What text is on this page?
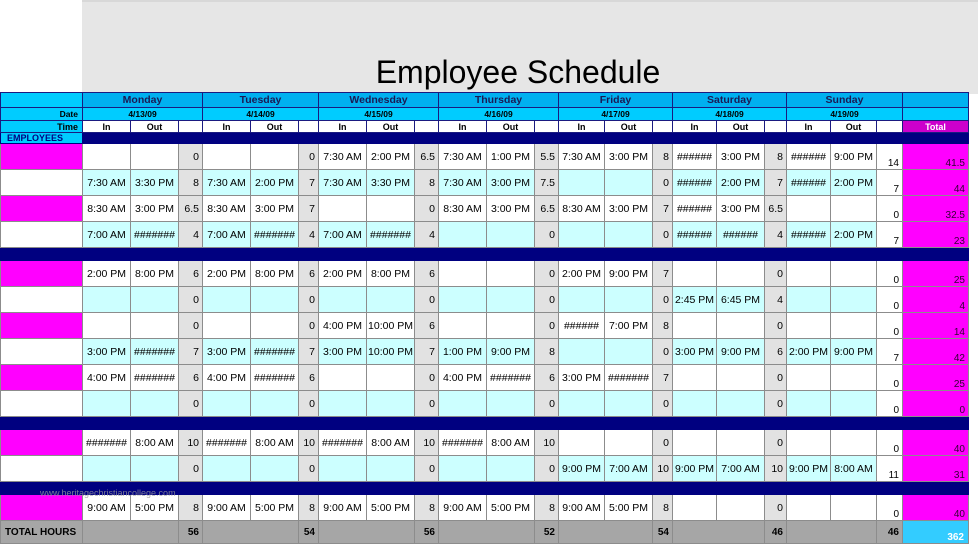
Employee Schedule
	Monday			Tuesday			Wednesday			Thursday			Friday			Saturday			Sunday			
Date	4/13/09			4/14/09			4/15/09			4/16/09			4/17/09			4/18/09			4/19/09			
Time	In	Out		In	Out		In	Out		In	Out		In	Out		In	Out		In	Out		Total
EMPLOYEES																						
			0			0	7:30 AM	2:00 PM	6.5	7:30 AM	1:00 PM	5.5	7:30 AM	3:00 PM	8	######	3:00 PM	8	######	9:00 PM	14	41.5
	7:30 AM	3:30 PM	8	7:30 AM	2:00 PM	7	7:30 AM	3:30 PM	8	7:30 AM	3:00 PM	7.5			0	######	2:00 PM	7	######	2:00 PM	7	44
	8:30 AM	3:00 PM	6.5	8:30 AM	3:00 PM	7			0	8:30 AM	3:00 PM	6.5	8:30 AM	3:00 PM	7	######	3:00 PM	6.5			0	32.5
	7:00 AM	#######	4	7:00 AM	#######	4	7:00 AM	#######	4			0			0	######	######	4	######	2:00 PM	7	23

	2:00 PM	8:00 PM	6	2:00 PM	8:00 PM	6	2:00 PM	8:00 PM	6			0	2:00 PM	9:00 PM	7			0			0	25
			0			0			0			0			0	2:45 PM	6:45 PM	4			0	4
			0			0	4:00 PM	10:00 PM	6			0	######	7:00 PM	8			0			0	14
	3:00 PM	#######	7	3:00 PM	#######	7	3:00 PM	10:00 PM	7	1:00 PM	9:00 PM	8			0	3:00 PM	9:00 PM	6	2:00 PM	9:00 PM	7	42
	4:00 PM	#######	6	4:00 PM	#######	6			0	4:00 PM	#######	6	3:00 PM	#######	7			0			0	25
			0			0			0			0			0			0			0	0

	#######	8:00 AM	10	#######	8:00 AM	10	#######	8:00 AM	10	#######	8:00 AM	10			0			0			0	40
			0			0			0			0	9:00 PM	7:00 AM	10	9:00 PM	7:00 AM	10	9:00 PM	8:00 AM	11	31

	9:00 AM	5:00 PM	8	9:00 AM	5:00 PM	8	9:00 AM	5:00 PM	8	9:00 AM	5:00 PM	8	9:00 AM	5:00 PM	8			0			0	40
TOTAL HOURS			56			54			56			52			54			46			46	362
www.heritagechristiancollege.com
